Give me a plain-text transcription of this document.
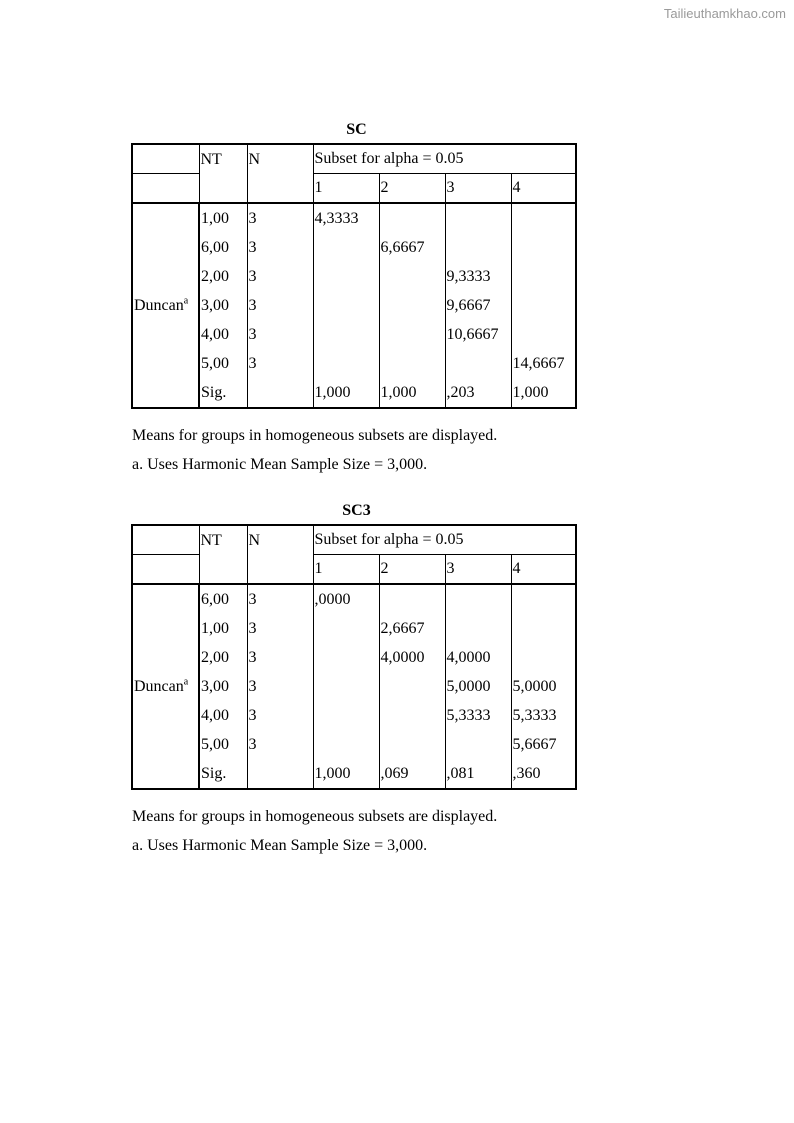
Tailieuthamkhao.com
SC
	NT	N	Subset for alpha = 0.05			
			1	2	3	4
Duncan$^a$	1,00	3	4,3333			
	6,00	3		6,6667		
	2,00	3			9,3333	
	3,00	3			9,6667	
	4,00	3			10,6667	
	5,00	3				14,6667
	Sig.		1,000	1,000	,203	1,000
Means for groups in homogeneous subsets are displayed.
a. Uses Harmonic Mean Sample Size = 3,000.
SC3
	NT	N	Subset for alpha = 0.05			
			1	2	3	4
Duncan$^a$	6,00	3	,0000			
	1,00	3		2,6667		
	2,00	3		4,0000	4,0000	
	3,00	3			5,0000	5,0000
	4,00	3			5,3333	5,3333
	5,00	3				5,6667
	Sig.		1,000	,069	,081	,360
Means for groups in homogeneous subsets are displayed.
a. Uses Harmonic Mean Sample Size = 3,000.
